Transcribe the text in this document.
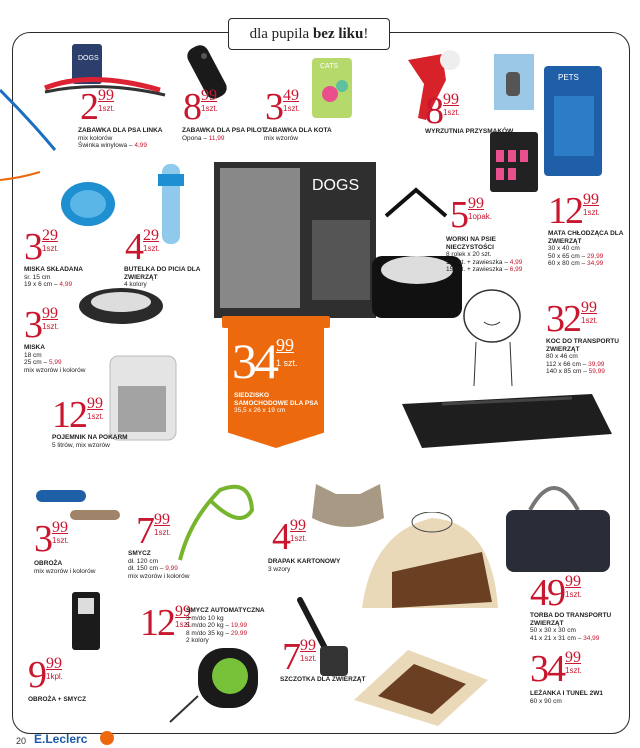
dla pupila bez liku!
DOGS
CATS
PETS
DOGS
34 99
1 szt.
SIEDZISKO SAMOCHODOWE DLA PSA
35,5 x 26 x 19 cm
2 99
1szt.
ZABAWKA DLA PSA LINKA
mix kolorów
Świnka winylowa – 4,99
8 99
1szt.
ZABAWKA DLA PSA PILOT
Opona – 11,99
3 49
1szt.
ZABAWKA DLA KOTA
mix wzorów
8 99
1szt.
WYRZUTNIA PRZYSMAKÓW
3 29
1szt.
MISKA SKŁADANA
śr. 15 cm
19 x 6 cm – 4,99
4 29
1szt.
BUTELKA DO PICIA DLA ZWIERZĄT
4 kolory
5 99
1opak.
WORKI NA PSIE NIECZYSTOŚCI
8 rolek x 20 szt.
12 szt. + zawieszka – 4,99
15 szt. + zawieszka – 6,99
12 99
1szt.
MATA CHŁODZĄCA DLA ZWIERZĄT
30 x 40 cm
50 x 65 cm – 29,99
60 x 80 cm – 34,99
3 99
1szt.
MISKA
18 cm
25 cm – 5,99
mix wzorów i kolorów
32 99
1szt.
KOC DO TRANSPORTU ZWIERZĄT
80 x 46 cm
112 x 66 cm – 39,99
140 x 85 cm – 59,99
12 99
1szt.
POJEMNIK NA POKARM
5 litrów, mix wzorów
3 99
1szt.
OBROŻA
mix wzorów i kolorów
7 99
1szt.
SMYCZ
dł. 120 cm
dł. 150 cm – 9,99
mix wzorów i kolorów
4 99
1szt.
DRAPAK KARTONOWY
3 wzory
12 99
1szt.
SMYCZ AUTOMATYCZNA
3 m/do 10 kg
5 m/do 20 kg – 19,99
8 m/do 35 kg – 29,99
2 kolory
49 99
1szt.
TORBA DO TRANSPORTU ZWIERZĄT
50 x 30 x 30 cm
41 x 21 x 31 cm – 34,99
9 99
1kpl.
OBROŻA + SMYCZ
7 99
1szt.
SZCZOTKA DLA ZWIERZĄT	34 99
1szt.
LEŻANKA I TUNEL 2W1
60 x 90 cm
20 E.Leclerc
